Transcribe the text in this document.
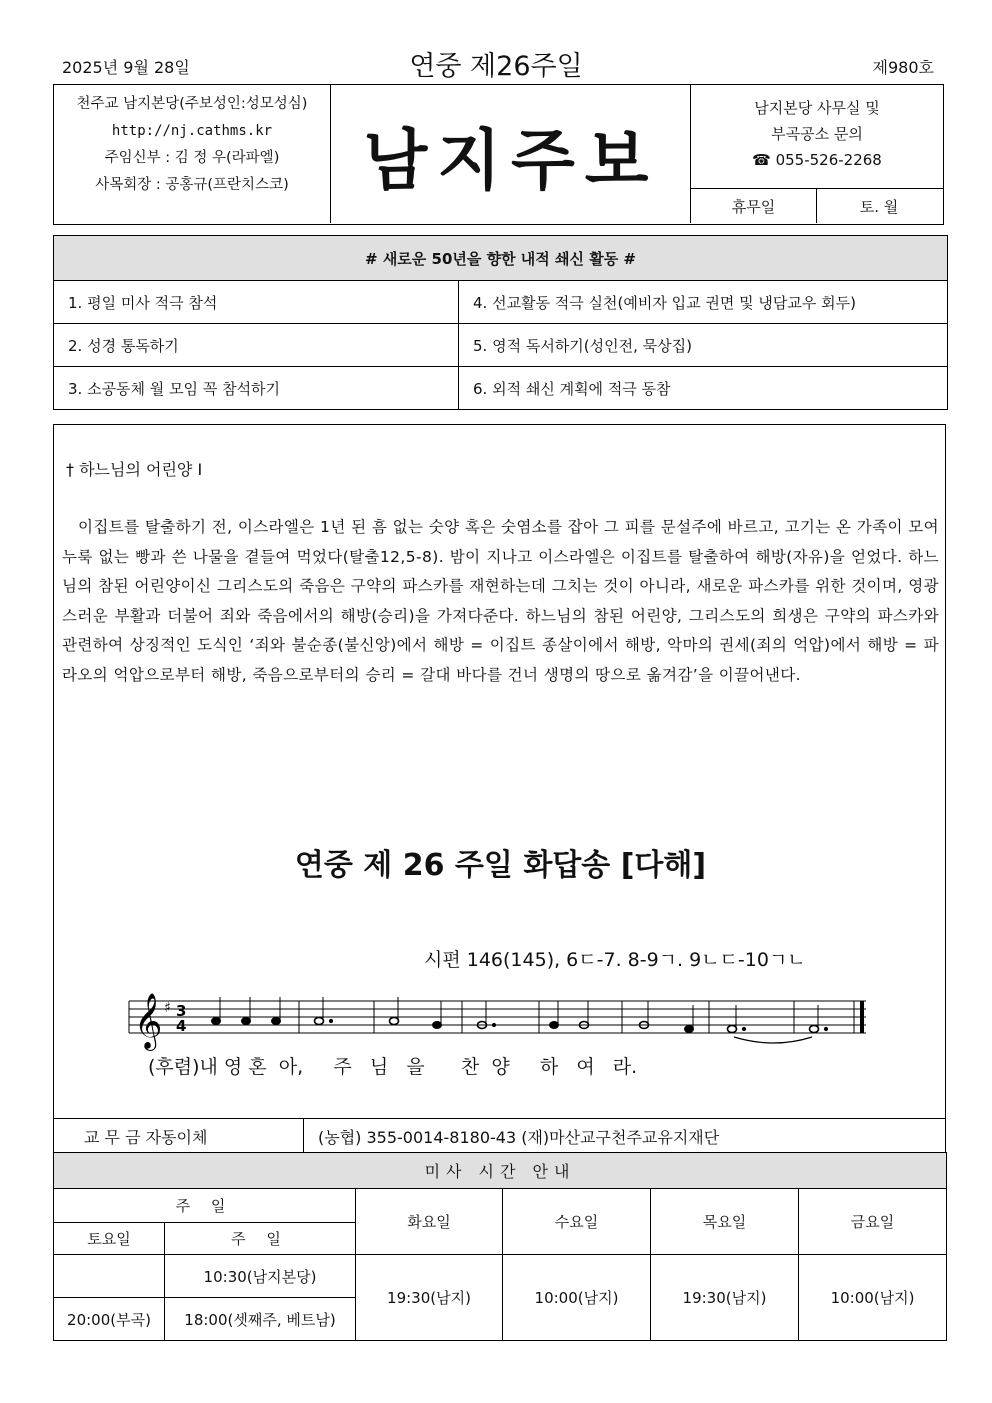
2025년 9월 28일	연중 제26주일	제980호
천주교 남지본당(주보성인:성모성심)
http://nj.cathms.kr
주임신부 : 김 정 우(라파엘)
사목회장 : 공홍규(프란치스코)	남지주보
남지본당 사무실 및
부곡공소 문의
☎ 055-526-2268
휴무일	토. 월
# 새로운 50년을 향한 내적 쇄신 활동 #	
1. 평일 미사 적극 참석	4. 선교활동 적극 실천(예비자 입교 권면 및 냉담교우 회두)
2. 성경 통독하기	5. 영적 독서하기(성인전, 묵상집)
3. 소공동체 월 모임 꼭 참석하기	6. 외적 쇄신 계획에 적극 동참
† 하느님의 어린양 I
이집트를 탈출하기 전, 이스라엘은 1년 된 흠 없는 숫양 혹은 숫염소를 잡아 그 피를 문설주에 바르고, 고기는 온 가족이 모여 누룩 없는 빵과 쓴 나물을 곁들여 먹었다(탈출12,5-8). 밤이 지나고 이스라엘은 이집트를 탈출하여 해방(자유)을 얻었다. 하느님의 참된 어린양이신 그리스도의 죽음은 구약의 파스카를 재현하는데 그치는 것이 아니라, 새로운 파스카를 위한 것이며, 영광스러운 부활과 더불어 죄와 죽음에서의 해방(승리)을 가져다준다. 하느님의 참된 어린양, 그리스도의 희생은 구약의 파스카와 관련하여 상징적인 도식인 ‘죄와 불순종(불신앙)에서 해방 = 이집트 종살이에서 해방, 악마의 권세(죄의 억압)에서 해방 = 파라오의 억압으로부터 해방, 죽음으로부터의 승리 = 갈대 바다를 건너 생명의 땅으로 옮겨감’을 이끌어낸다.
연중 제 26 주일 화답송 [다해]
시편 146(145), 6ㄷ-7. 8-9ㄱ. 9ㄴㄷ-10ㄱㄴ
𝄞 ♯ 3
4
(후렴)내 영 혼  아,     주   님   을      찬  양     하   여   라.
교 무 금 자동이체	(농협) 355-0014-8180-43 (재)마산교구천주교유지재단
미사 시간 안내					
주 일		화요일	수요일	목요일	금요일
토요일	주 일				
	10:30(남지본당)	19:30(남지)	10:00(남지)	19:30(남지)	10:00(남지)
20:00(부곡)	18:00(셋째주, 베트남)				
